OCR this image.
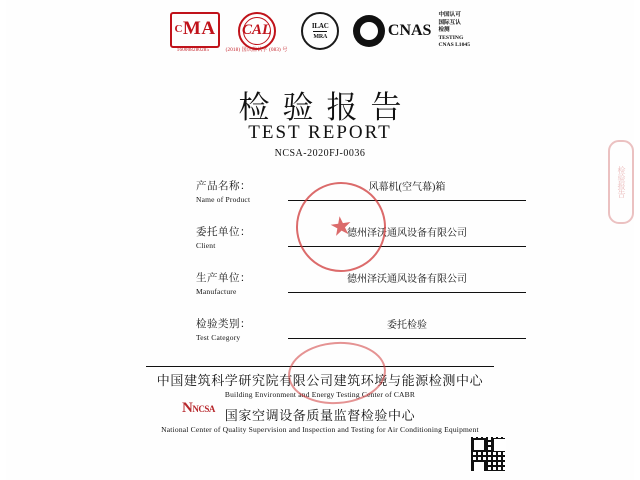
CMA
160008280285
CAL
(2018) 国认监认字 (083) 号
ILAC
MRA	CNAS
中国认可
国际互认
检测
TESTING
CNAS L1045
检验报告
TEST REPORT
NCSA-2020FJ-0036
产品名称：
Name of Product
风幕机(空气幕)箱
委托单位：
Client
德州泽沃通风设备有限公司
生产单位：
Manufacture
德州泽沃通风设备有限公司
检验类别：
Test Category
委托检验
★
中国建筑科学研究院有限公司建筑环境与能源检测中心
Building Environment and Energy Testing Center of CABR
国家空调设备质量监督检验中心
National Center of Quality Supervision and Inspection and Testing for Air Conditioning Equipment
NNCSA
检验报告
